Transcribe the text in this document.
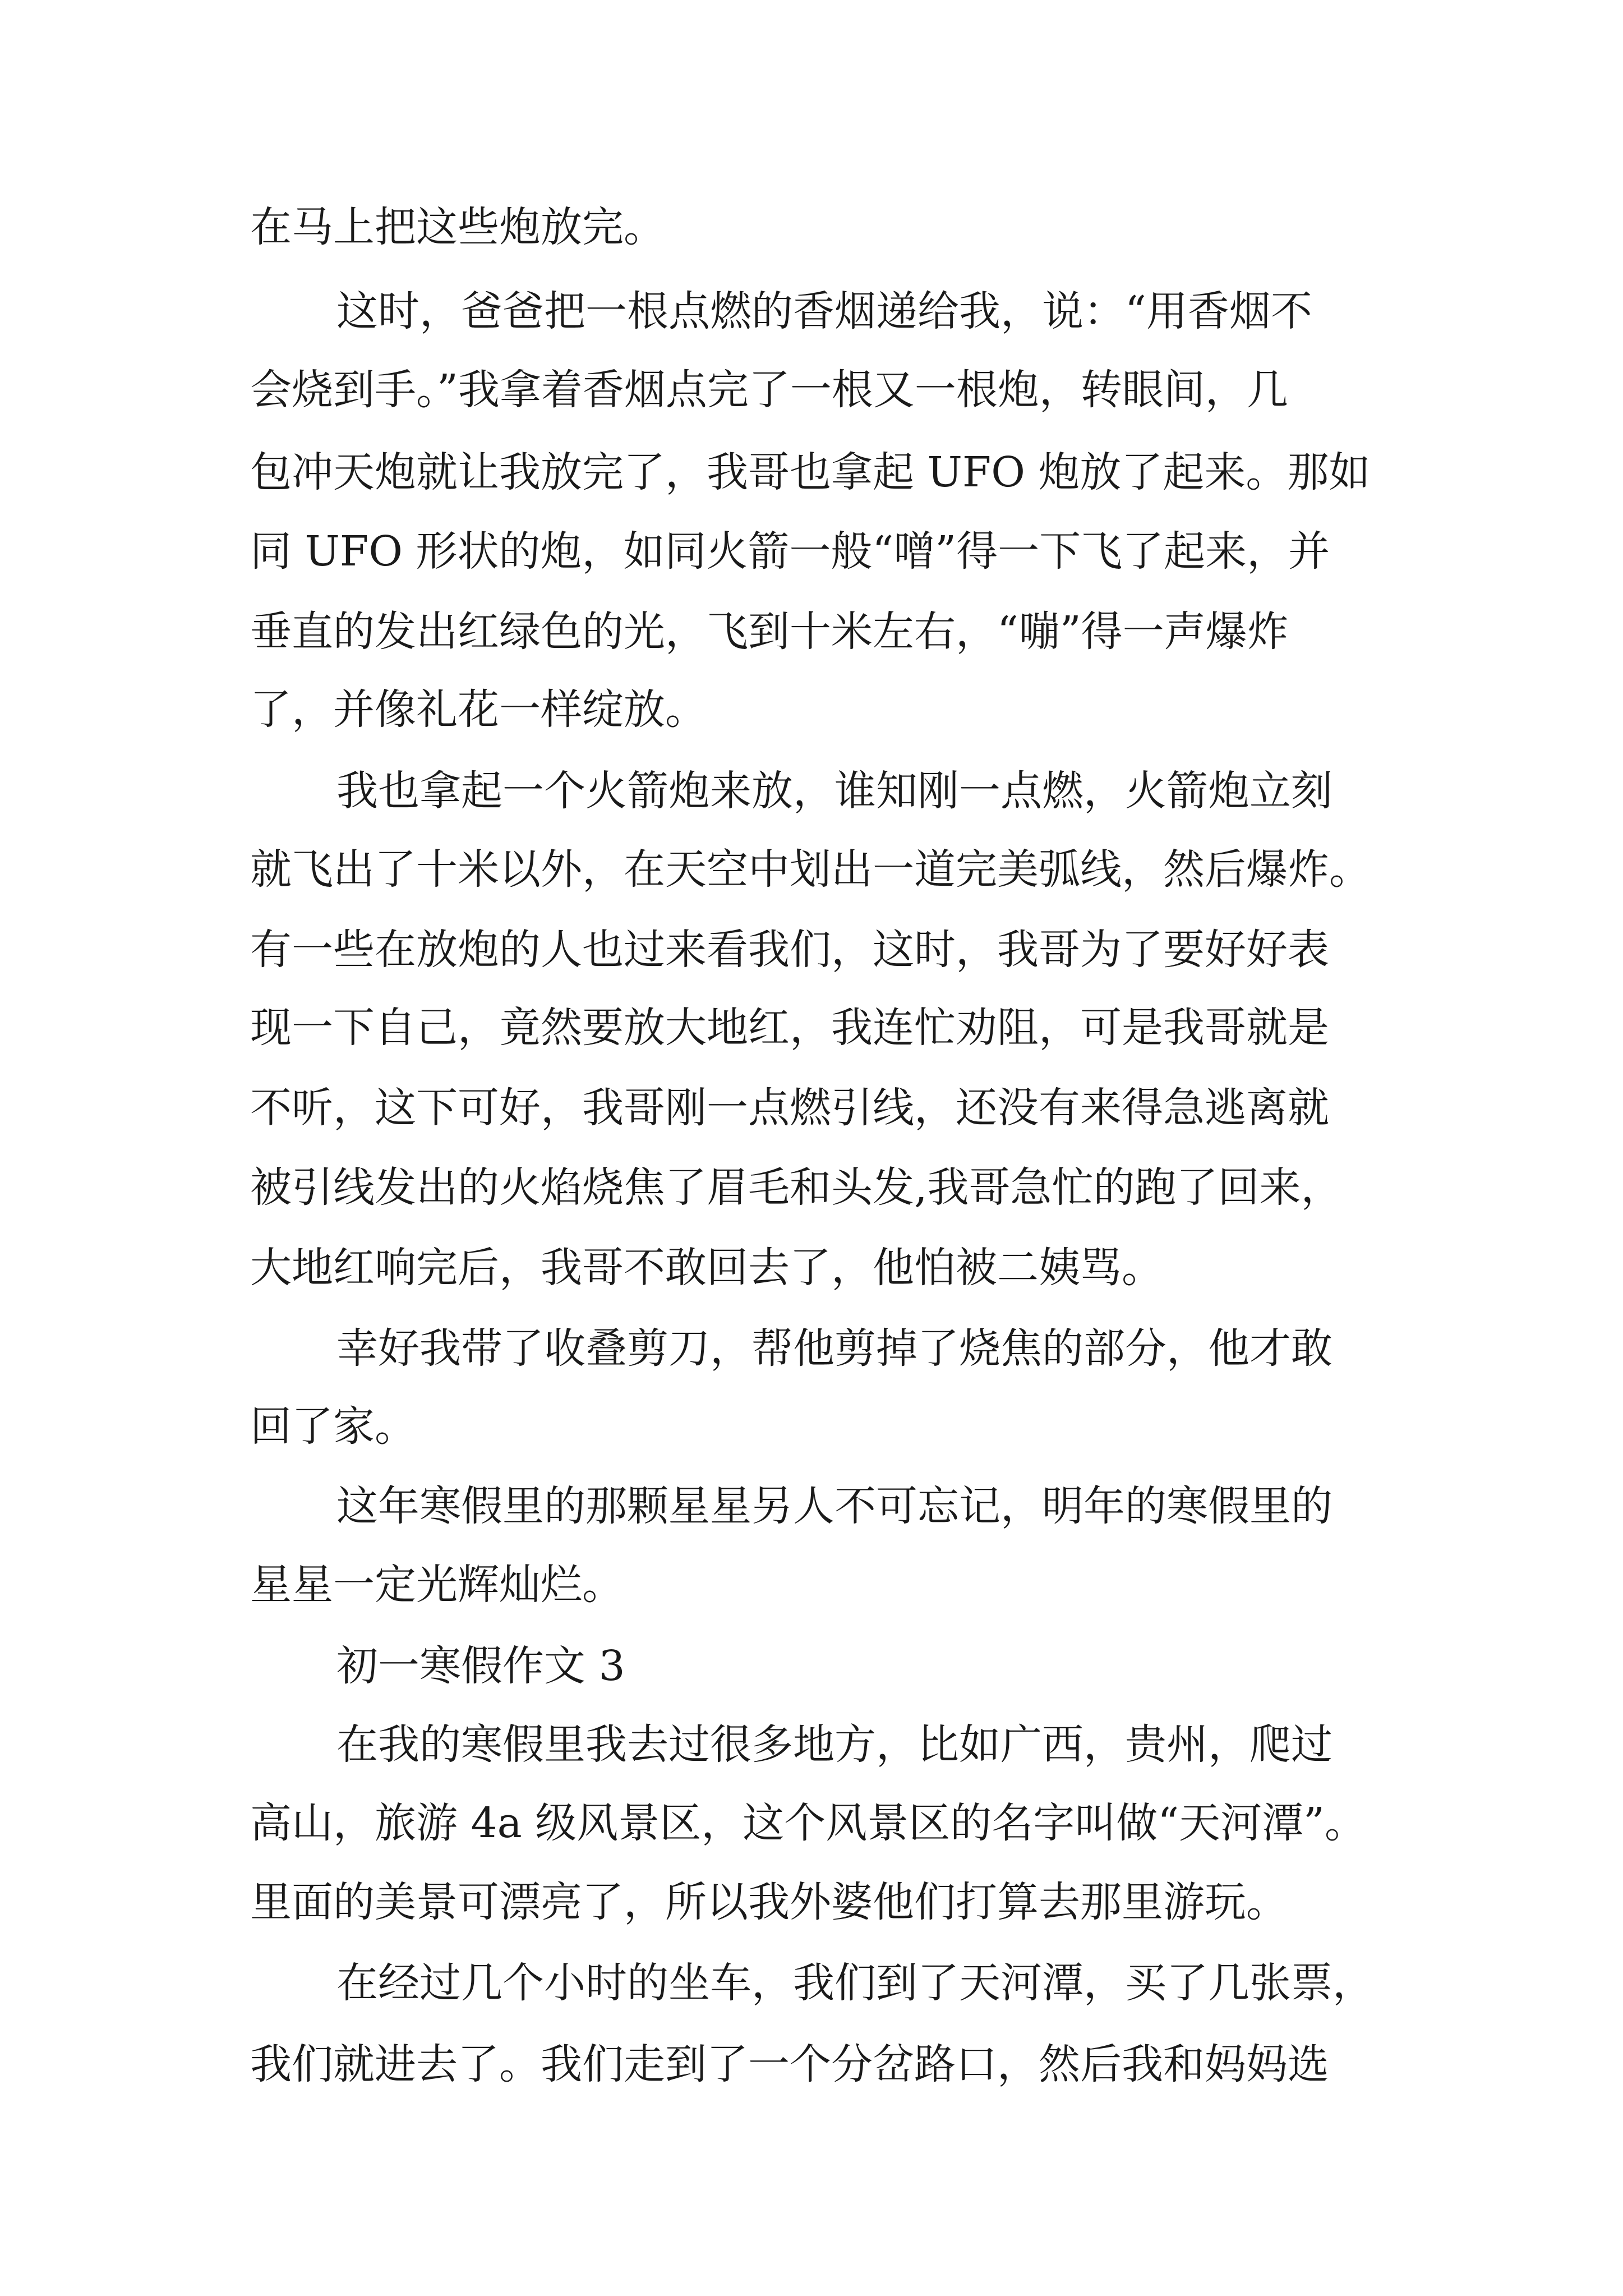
在马上把这些炮放完。
这时，爸爸把一根点燃的香烟递给我，说：“用香烟不
会烧到手。”我拿着香烟点完了一根又一根炮，转眼间，几
包冲天炮就让我放完了，我哥也拿起 UFO 炮放了起来。那如
同 UFO 形状的炮，如同火箭一般“噌”得一下飞了起来，并
垂直的发出红绿色的光，飞到十米左右，“嘣”得一声爆炸
了，并像礼花一样绽放。
我也拿起一个火箭炮来放，谁知刚一点燃，火箭炮立刻
就飞出了十米以外，在天空中划出一道完美弧线，然后爆炸。
有一些在放炮的人也过来看我们，这时，我哥为了要好好表
现一下自己，竟然要放大地红，我连忙劝阻，可是我哥就是
不听，这下可好，我哥刚一点燃引线，还没有来得急逃离就
被引线发出的火焰烧焦了眉毛和头发,我哥急忙的跑了回来，
大地红响完后，我哥不敢回去了，他怕被二姨骂。
幸好我带了收叠剪刀，帮他剪掉了烧焦的部分，他才敢
回了家。
这年寒假里的那颗星星另人不可忘记，明年的寒假里的
星星一定光辉灿烂。
初一寒假作文 3
在我的寒假里我去过很多地方，比如广西，贵州，爬过
高山，旅游 4a 级风景区，这个风景区的名字叫做“天河潭”。
里面的美景可漂亮了，所以我外婆他们打算去那里游玩。
在经过几个小时的坐车，我们到了天河潭，买了几张票，
我们就进去了。我们走到了一个分岔路口，然后我和妈妈选
